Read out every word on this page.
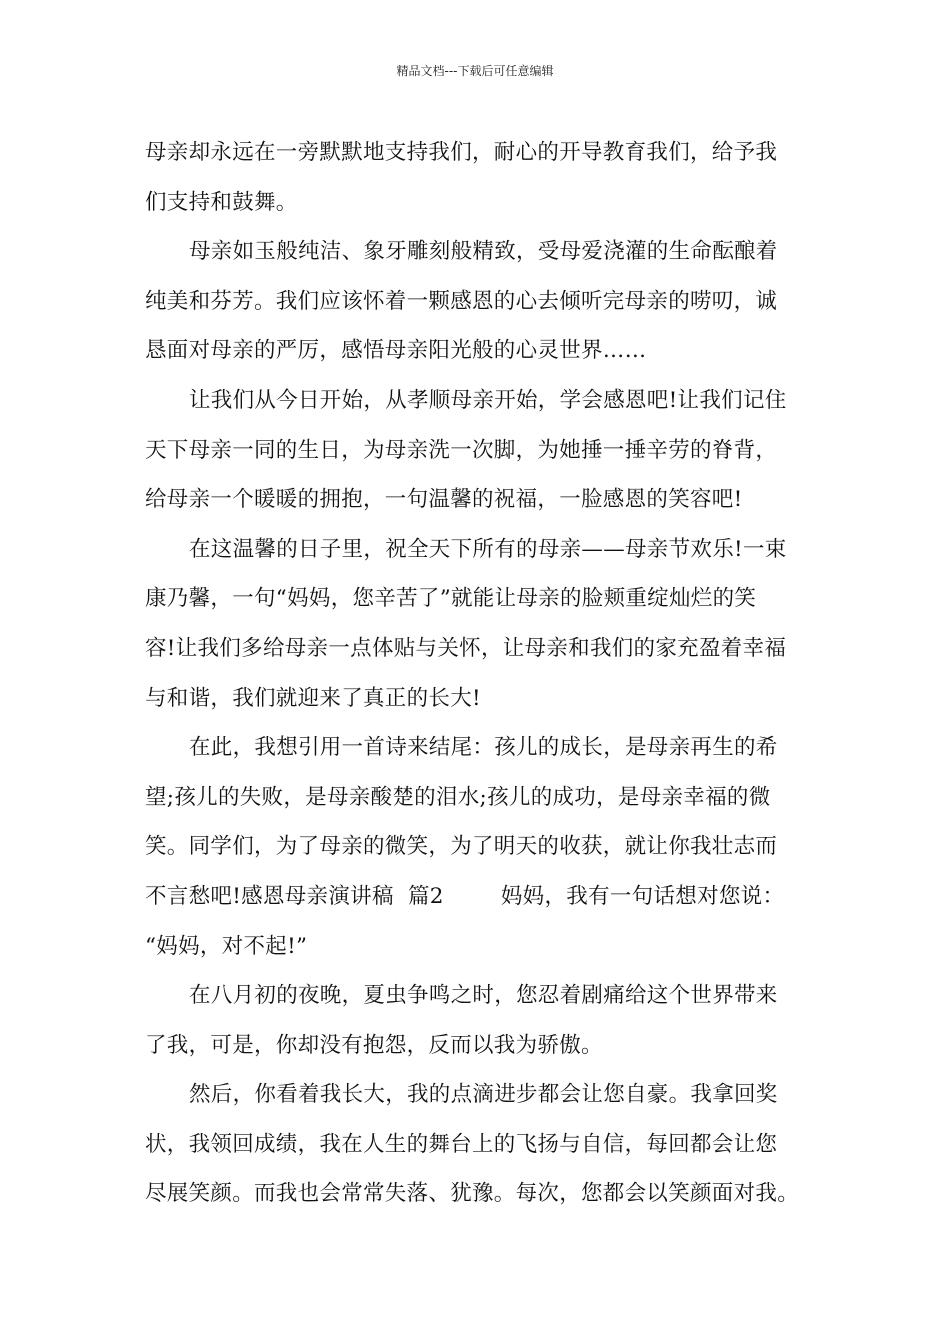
精品文档---下载后可任意编辑
母亲却永远在一旁默默地支持我们，耐心的开导教育我们，给予我
们支持和鼓舞。
母亲如玉般纯洁、象牙雕刻般精致，受母爱浇灌的生命酝酿着
纯美和芬芳。我们应该怀着一颗感恩的心去倾听完母亲的唠叨，诚
恳面对母亲的严厉，感悟母亲阳光般的心灵世界……
让我们从今日开始，从孝顺母亲开始，学会感恩吧!让我们记住
天下母亲一同的生日，为母亲洗一次脚，为她捶一捶辛劳的脊背，
给母亲一个暖暖的拥抱，一句温馨的祝福，一脸感恩的笑容吧!
在这温馨的日子里，祝全天下所有的母亲——母亲节欢乐!一束
康乃馨，一句“妈妈，您辛苦了”就能让母亲的脸颊重绽灿烂的笑
容!让我们多给母亲一点体贴与关怀，让母亲和我们的家充盈着幸福
与和谐，我们就迎来了真正的长大!
在此，我想引用一首诗来结尾：孩儿的成长，是母亲再生的希
望;孩儿的失败，是母亲酸楚的泪水;孩儿的成功，是母亲幸福的微
笑。同学们，为了母亲的微笑，为了明天的收获，就让你我壮志而
不言愁吧!感恩母亲演讲稿  篇2        妈妈，我有一句话想对您说：
“妈妈，对不起!”
在八月初的夜晚，夏虫争鸣之时，您忍着剧痛给这个世界带来
了我，可是，你却没有抱怨，反而以我为骄傲。
然后，你看着我长大，我的点滴进步都会让您自豪。我拿回奖
状，我领回成绩，我在人生的舞台上的飞扬与自信，每回都会让您
尽展笑颜。而我也会常常失落、犹豫。每次，您都会以笑颜面对我。
